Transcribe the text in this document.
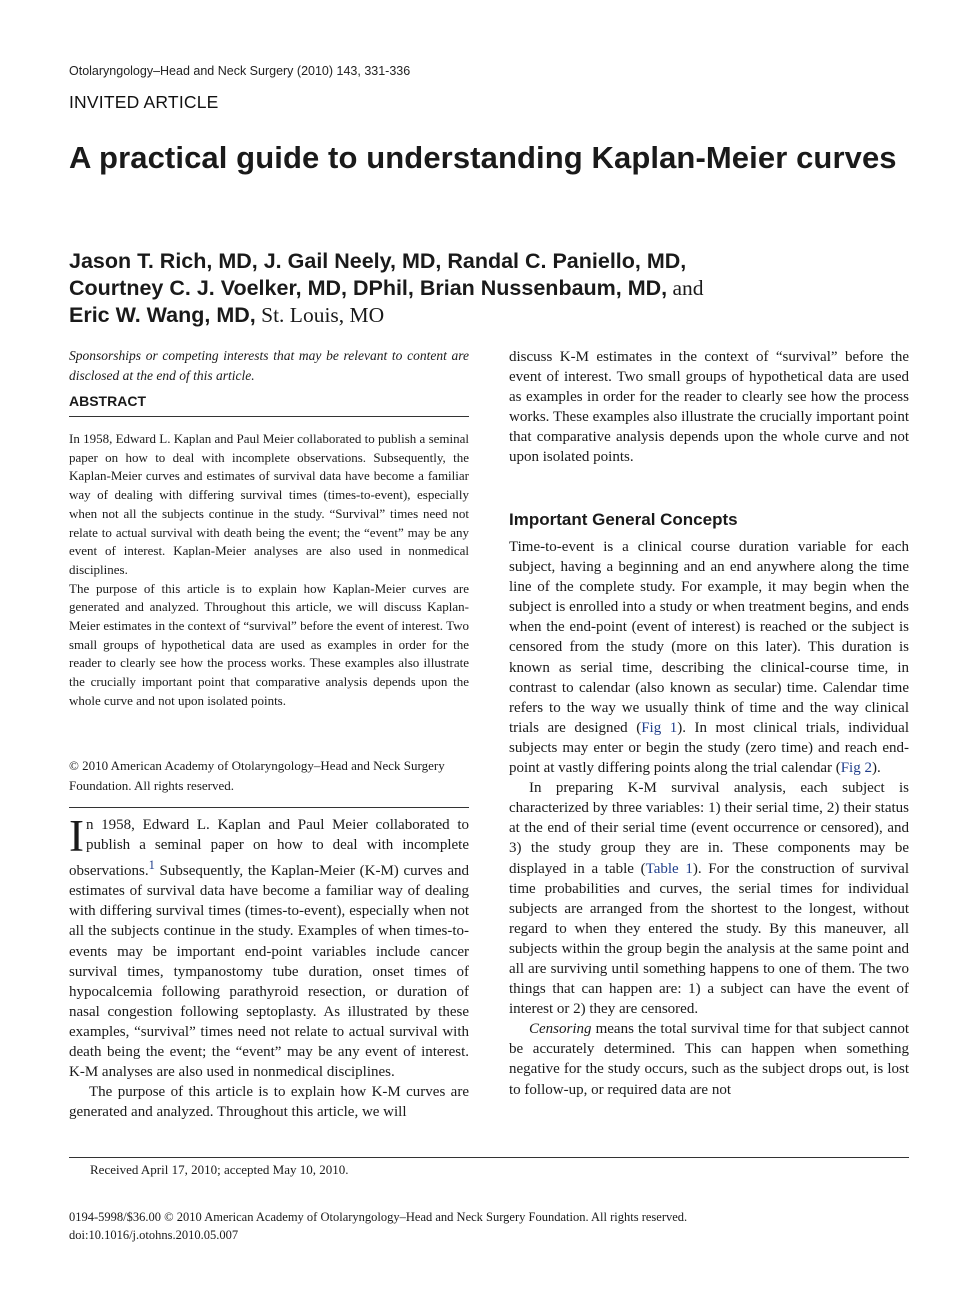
Otolaryngology–Head and Neck Surgery (2010) 143, 331-336
INVITED ARTICLE
A practical guide to understanding Kaplan-Meier curves
Jason T. Rich, MD, J. Gail Neely, MD, Randal C. Paniello, MD,
Courtney C. J. Voelker, MD, DPhil, Brian Nussenbaum, MD, and
Eric W. Wang, MD, St. Louis, MO
Sponsorships or competing interests that may be relevant to content are disclosed at the end of this article.
ABSTRACT

In 1958, Edward L. Kaplan and Paul Meier collaborated to publish a seminal paper on how to deal with incomplete observations. Subsequently, the Kaplan-Meier curves and estimates of survival data have become a familiar way of dealing with differing survival times (times-to-event), especially when not all the subjects continue in the study. “Survival” times need not relate to actual survival with death being the event; the “event” may be any event of interest. Kaplan-Meier analyses are also used in nonmedical disciplines.

The purpose of this article is to explain how Kaplan-Meier curves are generated and analyzed. Throughout this article, we will discuss Kaplan-Meier estimates in the context of “survival” before the event of interest. Two small groups of hypothetical data are used as examples in order for the reader to clearly see how the process works. These examples also illustrate the crucially important point that comparative analysis depends upon the whole curve and not upon isolated points.

© 2010 American Academy of Otolaryngology–Head and Neck Surgery Foundation. All rights reserved.

In 1958, Edward L. Kaplan and Paul Meier collaborated to publish a seminal paper on how to deal with incomplete observations.$^1$ Subsequently, the Kaplan-Meier (K-M) curves and estimates of survival data have become a familiar way of dealing with differing survival times (times-to-event), especially when not all the subjects continue in the study. Examples of when times-to-events may be important end-point variables include cancer survival times, tympanostomy tube duration, onset times of hypocalcemia following parathyroid resection, or duration of nasal congestion following septoplasty. As illustrated by these examples, “survival” times need not relate to actual survival with death being the event; the “event” may be any event of interest. K-M analyses are also used in nonmedical disciplines.

The purpose of this article is to explain how K-M curves are generated and analyzed. Throughout this article, we will

discuss K-M estimates in the context of “survival” before the event of interest. Two small groups of hypothetical data are used as examples in order for the reader to clearly see how the process works. These examples also illustrate the crucially important point that comparative analysis depends upon the whole curve and not upon isolated points.
Important General Concepts

Time-to-event is a clinical course duration variable for each subject, having a beginning and an end anywhere along the time line of the complete study. For example, it may begin when the subject is enrolled into a study or when treatment begins, and ends when the end-point (event of interest) is reached or the subject is censored from the study (more on this later). This duration is known as serial time, describing the clinical-course time, in contrast to calendar (also known as secular) time. Calendar time refers to the way we usually think of time and the way clinical trials are designed (Fig 1). In most clinical trials, individual subjects may enter or begin the study (zero time) and reach end-point at vastly differing points along the trial calendar (Fig 2).

In preparing K-M survival analysis, each subject is characterized by three variables: 1) their serial time, 2) their status at the end of their serial time (event occurrence or censored), and 3) the study group they are in. These components may be displayed in a table (Table 1). For the construction of survival time probabilities and curves, the serial times for individual subjects are arranged from the shortest to the longest, without regard to when they entered the study. By this maneuver, all subjects within the group begin the analysis at the same point and all are surviving until something happens to one of them. The two things that can happen are: 1) a subject can have the event of interest or 2) they are censored.

Censoring means the total survival time for that subject cannot be accurately determined. This can happen when something negative for the study occurs, such as the subject drops out, is lost to follow-up, or required data are not

Received April 17, 2010; accepted May 10, 2010.
0194-5998/$36.00 © 2010 American Academy of Otolaryngology–Head and Neck Surgery Foundation. All rights reserved.
doi:10.1016/j.otohns.2010.05.007
